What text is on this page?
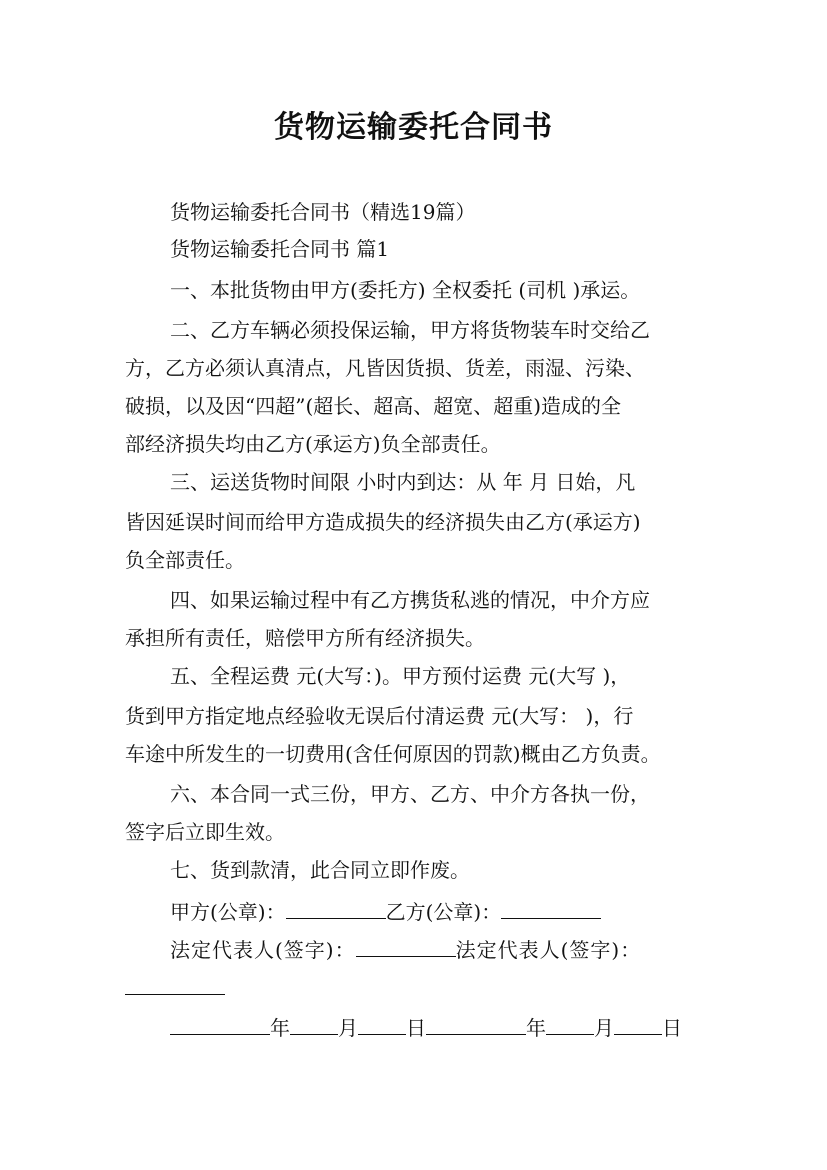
货物运输委托合同书
货物运输委托合同书（精选19篇）
货物运输委托合同书 篇1
一、本批货物由甲方(委托方) 全权委托 (司机 )承运。
二、乙方车辆必须投保运输，甲方将货物装车时交给乙
方，乙方必须认真清点，凡皆因货损、货差，雨湿、污染、
破损，以及因“四超”(超长、超高、超宽、超重)造成的全
部经济损失均由乙方(承运方)负全部责任。
三、运送货物时间限 小时内到达：从 年 月 日始，凡
皆因延误时间而给甲方造成损失的经济损失由乙方(承运方)
负全部责任。
四、如果运输过程中有乙方携货私逃的情况，中介方应
承担所有责任，赔偿甲方所有经济损失。
五、全程运费 元(大写：)。甲方预付运费 元(大写 )，
货到甲方指定地点经验收无误后付清运费 元(大写： )，行
车途中所发生的一切费用(含任何原因的罚款)概由乙方负责。
六、本合同一式三份，甲方、乙方、中介方各执一份，
签字后立即生效。
七、货到款清，此合同立即作废。
甲方(公章)：	乙方(公章)：
法定代表人(签字)：	法定代表人(签字)：
年 月 日	年 月 日
